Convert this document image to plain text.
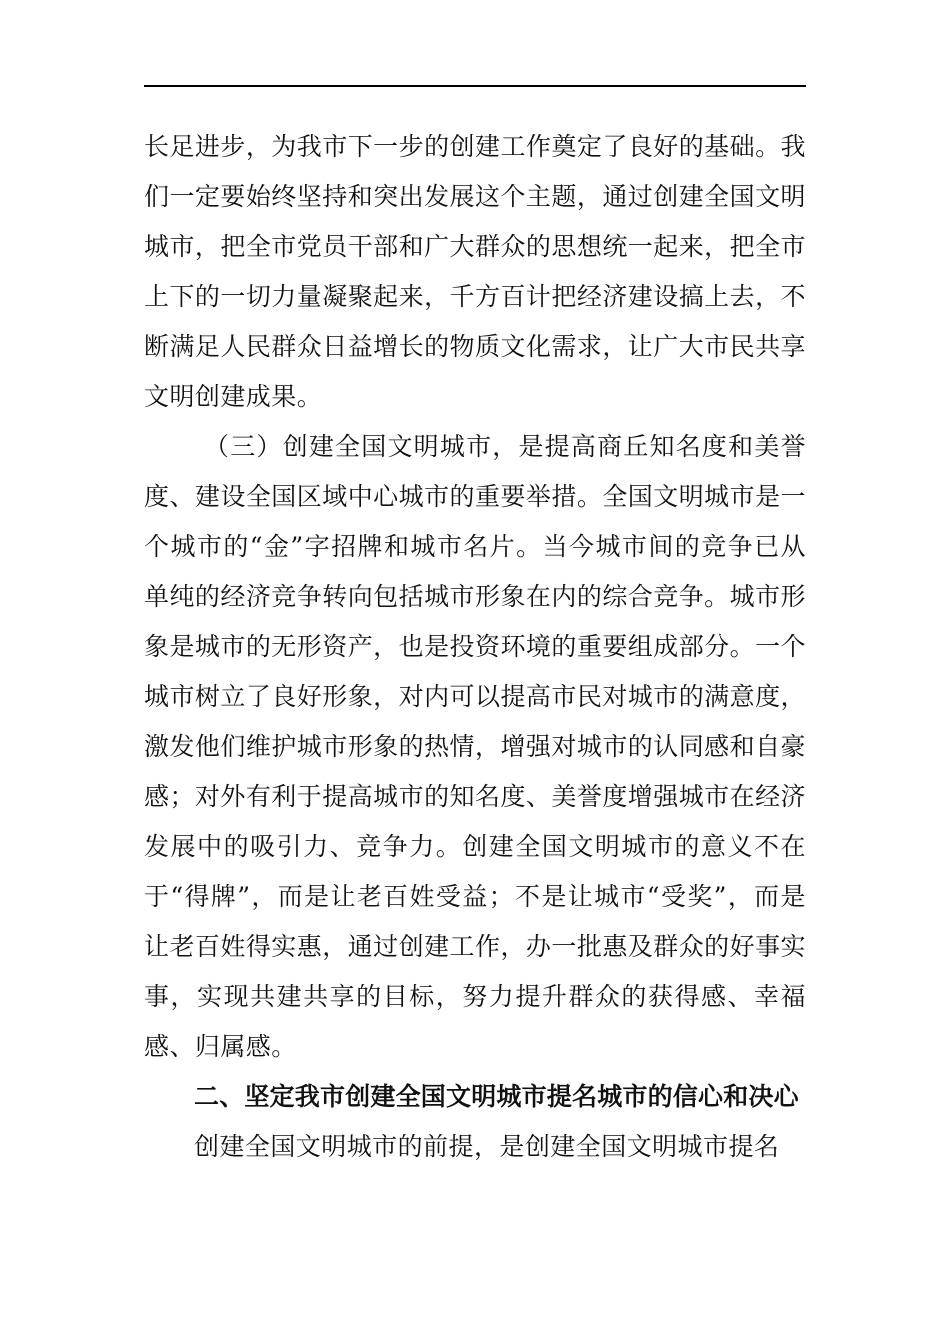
长足进步，为我市下一步的创建工作奠定了良好的基础。我们一定要始终坚持和突出发展这个主题，通过创建全国文明城市，把全市党员干部和广大群众的思想统一起来，把全市上下的一切力量凝聚起来，千方百计把经济建设搞上去，不断满足人民群众日益增长的物质文化需求，让广大市民共享文明创建成果。

（三）创建全国文明城市，是提高商丘知名度和美誉度、建设全国区域中心城市的重要举措。全国文明城市是一个城市的“金”字招牌和城市名片。当今城市间的竞争已从单纯的经济竞争转向包括城市形象在内的综合竞争。城市形象是城市的无形资产，也是投资环境的重要组成部分。一个城市树立了良好形象，对内可以提高市民对城市的满意度，激发他们维护城市形象的热情，增强对城市的认同感和自豪感；对外有利于提高城市的知名度、美誉度增强城市在经济发展中的吸引力、竞争力。创建全国文明城市的意义不在于“得牌”，而是让老百姓受益；不是让城市“受奖”，而是让老百姓得实惠，通过创建工作，办一批惠及群众的好事实事，实现共建共享的目标，努力提升群众的获得感、幸福感、归属感。

二、坚定我市创建全国文明城市提名城市的信心和决心

创建全国文明城市的前提，是创建全国文明城市提名
